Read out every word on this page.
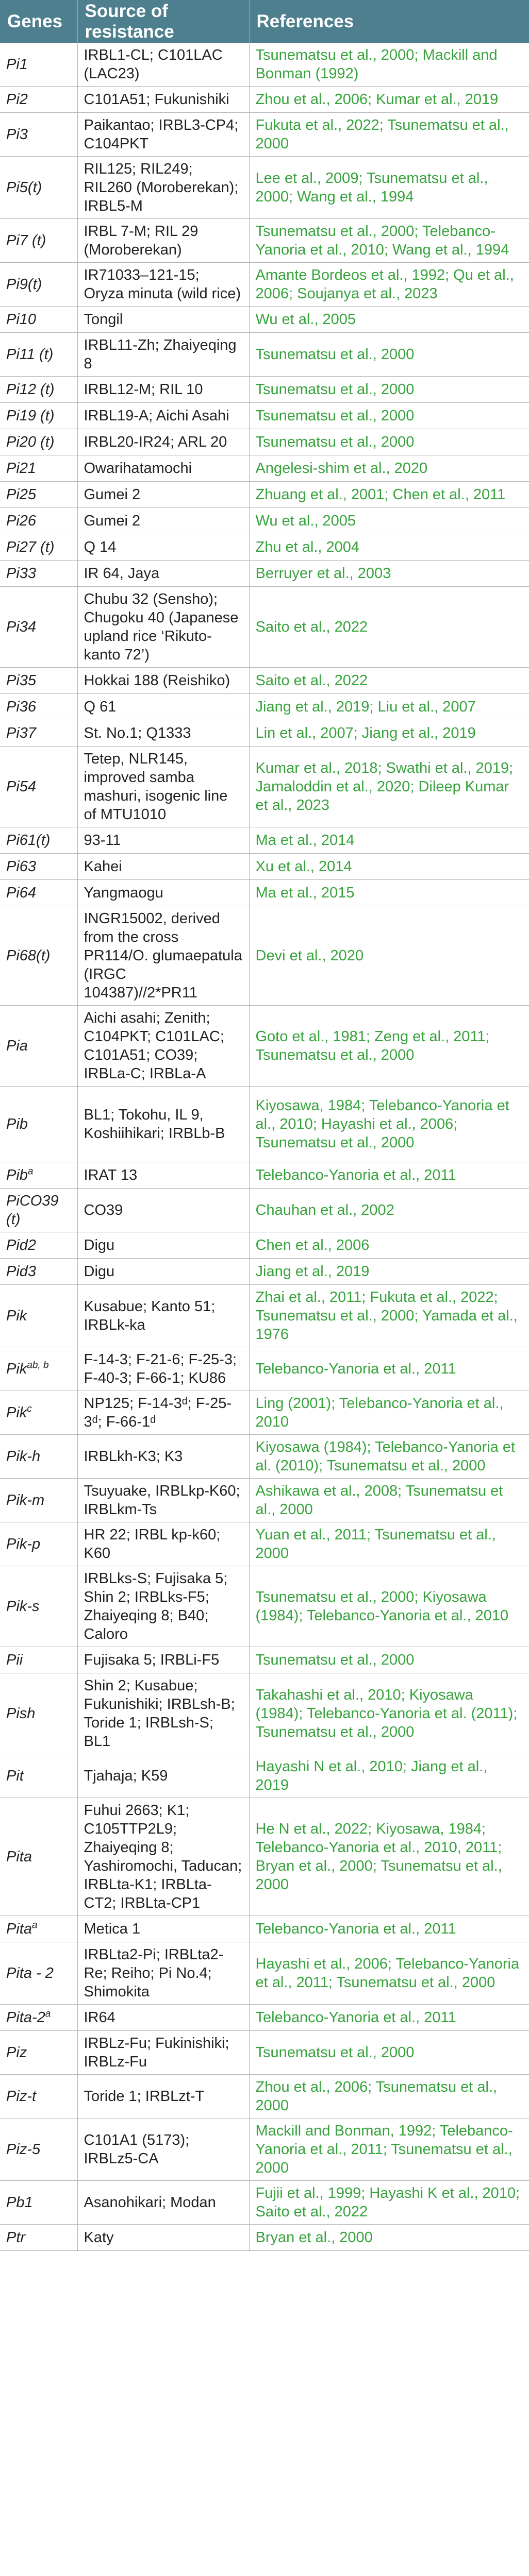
Genes	Source of resistance	References
Pi1	IRBL1-CL; C101LAC (LAC23)	Tsunematsu et al., 2000; Mackill and Bonman (1992)
Pi2	C101A51; Fukunishiki	Zhou et al., 2006; Kumar et al., 2019
Pi3	Paikantao; IRBL3-CP4; C104PKT	Fukuta et al., 2022; Tsunematsu et al., 2000
Pi5(t)	RIL125; RIL249; RIL260 (Moroberekan); IRBL5-M	Lee et al., 2009; Tsunematsu et al., 2000; Wang et al., 1994
Pi7 (t)	IRBL 7-M; RIL 29 (Moroberekan)	Tsunematsu et al., 2000; Telebanco-Yanoria et al., 2010; Wang et al., 1994
Pi9(t)	IR71033–121-15; Oryza minuta (wild rice)	Amante Bordeos et al., 1992; Qu et al., 2006; Soujanya et al., 2023
Pi10	Tongil	Wu et al., 2005
Pi11 (t)	IRBL11-Zh; Zhaiyeqing 8	Tsunematsu et al., 2000
Pi12 (t)	IRBL12-M; RIL 10	Tsunematsu et al., 2000
Pi19 (t)	IRBL19-A; Aichi Asahi	Tsunematsu et al., 2000
Pi20 (t)	IRBL20-IR24; ARL 20	Tsunematsu et al., 2000
Pi21	Owarihatamochi	Angelesi-shim et al., 2020
Pi25	Gumei 2	Zhuang et al., 2001; Chen et al., 2011
Pi26	Gumei 2	Wu et al., 2005
Pi27 (t)	Q 14	Zhu et al., 2004
Pi33	IR 64, Jaya	Berruyer et al., 2003
Pi34	Chubu 32 (Sensho); Chugoku 40 (Japanese upland rice ‘Rikuto-kanto 72’)	Saito et al., 2022
Pi35	Hokkai 188 (Reishiko)	Saito et al., 2022
Pi36	Q 61	Jiang et al., 2019; Liu et al., 2007
Pi37	St. No.1; Q1333	Lin et al., 2007; Jiang et al., 2019
Pi54	Tetep, NLR145, improved samba mashuri, isogenic line of MTU1010	Kumar et al., 2018; Swathi et al., 2019; Jamaloddin et al., 2020; Dileep Kumar et al., 2023
Pi61(t)	93-11	Ma et al., 2014
Pi63	Kahei	Xu et al., 2014
Pi64	Yangmaogu	Ma et al., 2015
Pi68(t)	INGR15002, derived from the cross PR114/O. glumaepatula (IRGC 104387)//2*PR11	Devi et al., 2020
Pia	Aichi asahi; Zenith; C104PKT; C101LAC; C101A51; CO39; IRBLa-C; IRBLa-A	Goto et al., 1981; Zeng et al., 2011; Tsunematsu et al., 2000
Pib	BL1; Tokohu, IL 9, Koshiihikari; IRBLb-B	Kiyosawa, 1984; Telebanco-Yanoria et al., 2010; Hayashi et al., 2006; Tsunematsu et al., 2000
Pib$^a$	IRAT 13	Telebanco-Yanoria et al., 2011
PiCO39 (t)	CO39	Chauhan et al., 2002
Pid2	Digu	Chen et al., 2006
Pid3	Digu	Jiang et al., 2019
Pik	Kusabue; Kanto 51; IRBLk-ka	Zhai et al., 2011; Fukuta et al., 2022; Tsunematsu et al., 2000; Yamada et al., 1976
Pik$^{ab, b}$	F-14-3; F-21-6; F-25-3; F-40-3; F-66-1; KU86	Telebanco-Yanoria et al., 2011
Pik$^c$	NP125; F-14-3ᵈ; F-25-3ᵈ; F-66-1ᵈ	Ling (2001); Telebanco-Yanoria et al., 2010
Pik-h	IRBLkh-K3; K3	Kiyosawa (1984); Telebanco-Yanoria et al. (2010); Tsunematsu et al., 2000
Pik-m	Tsuyuake, IRBLkp-K60; IRBLkm-Ts	Ashikawa et al., 2008; Tsunematsu et al., 2000
Pik-p	HR 22; IRBL kp-k60; K60	Yuan et al., 2011; Tsunematsu et al., 2000
Pik-s	IRBLks-S; Fujisaka 5; Shin 2; IRBLks-F5; Zhaiyeqing 8; B40; Caloro	Tsunematsu et al., 2000; Kiyosawa (1984); Telebanco-Yanoria et al., 2010
Pii	Fujisaka 5; IRBLi-F5	Tsunematsu et al., 2000
Pish	Shin 2; Kusabue; Fukunishiki; IRBLsh-B; Toride 1; IRBLsh-S; BL1	Takahashi et al., 2010; Kiyosawa (1984); Telebanco-Yanoria et al. (2011); Tsunematsu et al., 2000
Pit	Tjahaja; K59	Hayashi N et al., 2010; Jiang et al., 2019
Pita	Fuhui 2663; K1; C105TTP2L9; Zhaiyeqing 8; Yashiromochi, Taducan; IRBLta-K1; IRBLta-CT2; IRBLta-CP1	He N et al., 2022; Kiyosawa, 1984; Telebanco-Yanoria et al., 2010, 2011; Bryan et al., 2000; Tsunematsu et al., 2000
Pita$^a$	Metica 1	Telebanco-Yanoria et al., 2011
Pita - 2	IRBLta2-Pi; IRBLta2-Re; Reiho; Pi No.4; Shimokita	Hayashi et al., 2006; Telebanco-Yanoria et al., 2011; Tsunematsu et al., 2000
Pita-2$^a$	IR64	Telebanco-Yanoria et al., 2011
Piz	IRBLz-Fu; Fukinishiki; IRBLz-Fu	Tsunematsu et al., 2000
Piz-t	Toride 1; IRBLzt-T	Zhou et al., 2006; Tsunematsu et al., 2000
Piz-5	C101A1 (5173); IRBLz5-CA	Mackill and Bonman, 1992; Telebanco-Yanoria et al., 2011; Tsunematsu et al., 2000
Pb1	Asanohikari; Modan	Fujii et al., 1999; Hayashi K et al., 2010; Saito et al., 2022
Ptr	Katy	Bryan et al., 2000
